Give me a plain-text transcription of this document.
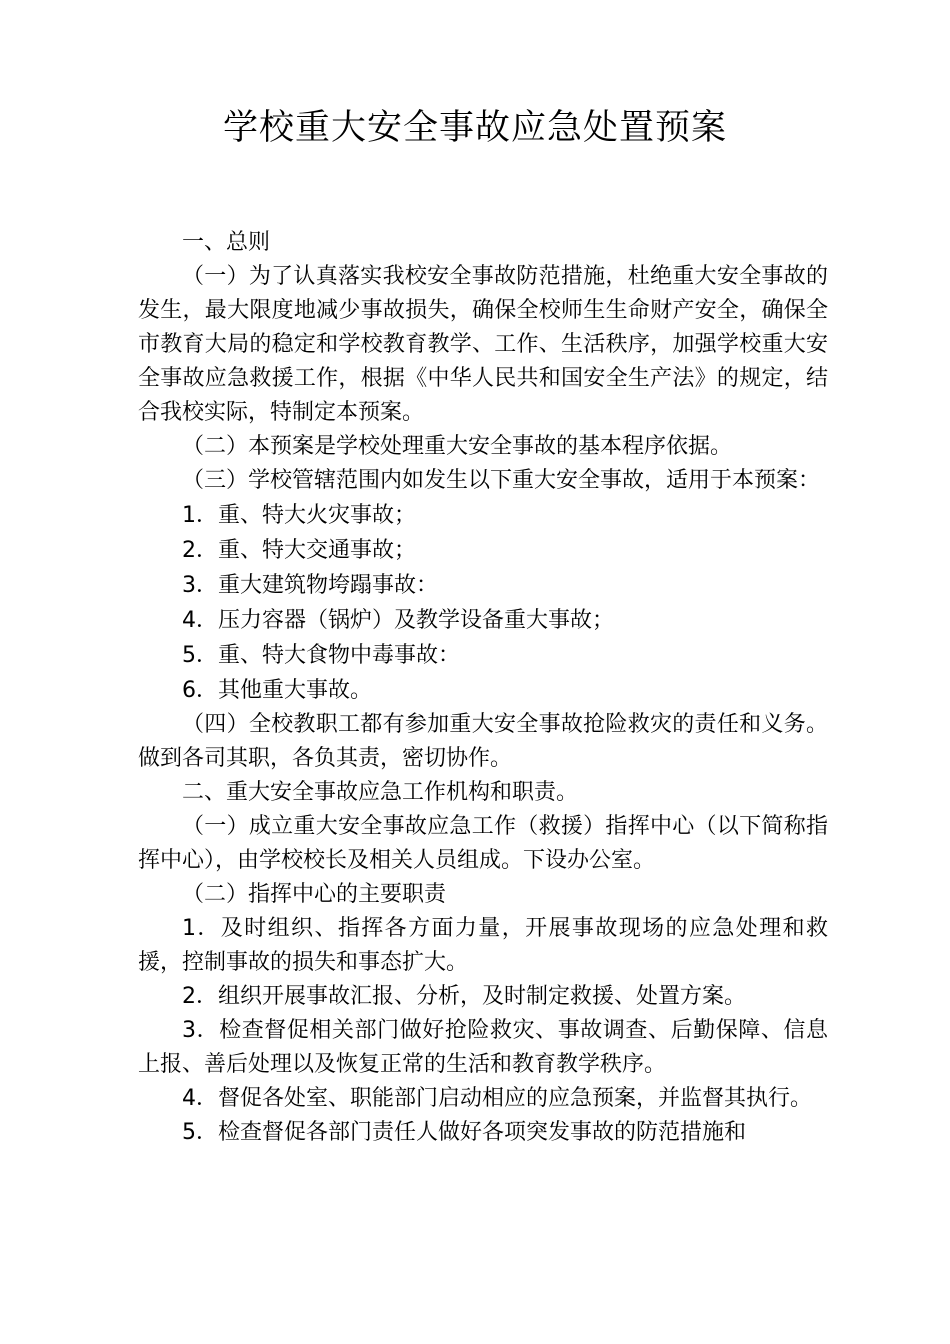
学校重大安全事故应急处置预案

一、总则

（一）为了认真落实我校安全事故防范措施，杜绝重大安全事故的发生，最大限度地减少事故损失，确保全校师生生命财产安全，确保全市教育大局的稳定和学校教育教学、工作、生活秩序，加强学校重大安全事故应急救援工作，根据《中华人民共和国安全生产法》的规定，结合我校实际，特制定本预案。

（二）本预案是学校处理重大安全事故的基本程序依据。

（三）学校管辖范围内如发生以下重大安全事故，适用于本预案：

1．重、特大火灾事故；

2．重、特大交通事故；

3．重大建筑物垮蹋事故：

4．压力容器（锅炉）及教学设备重大事故；

5．重、特大食物中毒事故：

6．其他重大事故。

（四）全校教职工都有参加重大安全事故抢险救灾的责任和义务。做到各司其职，各负其责，密切协作。

二、重大安全事故应急工作机构和职责。

（一）成立重大安全事故应急工作（救援）指挥中心（以下简称指挥中心），由学校校长及相关人员组成。下设办公室。

（二）指挥中心的主要职责

1．及时组织、指挥各方面力量，开展事故现场的应急处理和救援，控制事故的损失和事态扩大。

2．组织开展事故汇报、分析，及时制定救援、处置方案。

3．检查督促相关部门做好抢险救灾、事故调查、后勤保障、信息上报、善后处理以及恢复正常的生活和教育教学秩序。

4．督促各处室、职能部门启动相应的应急预案，并监督其执行。

5．检查督促各部门责任人做好各项突发事故的防范措施和
